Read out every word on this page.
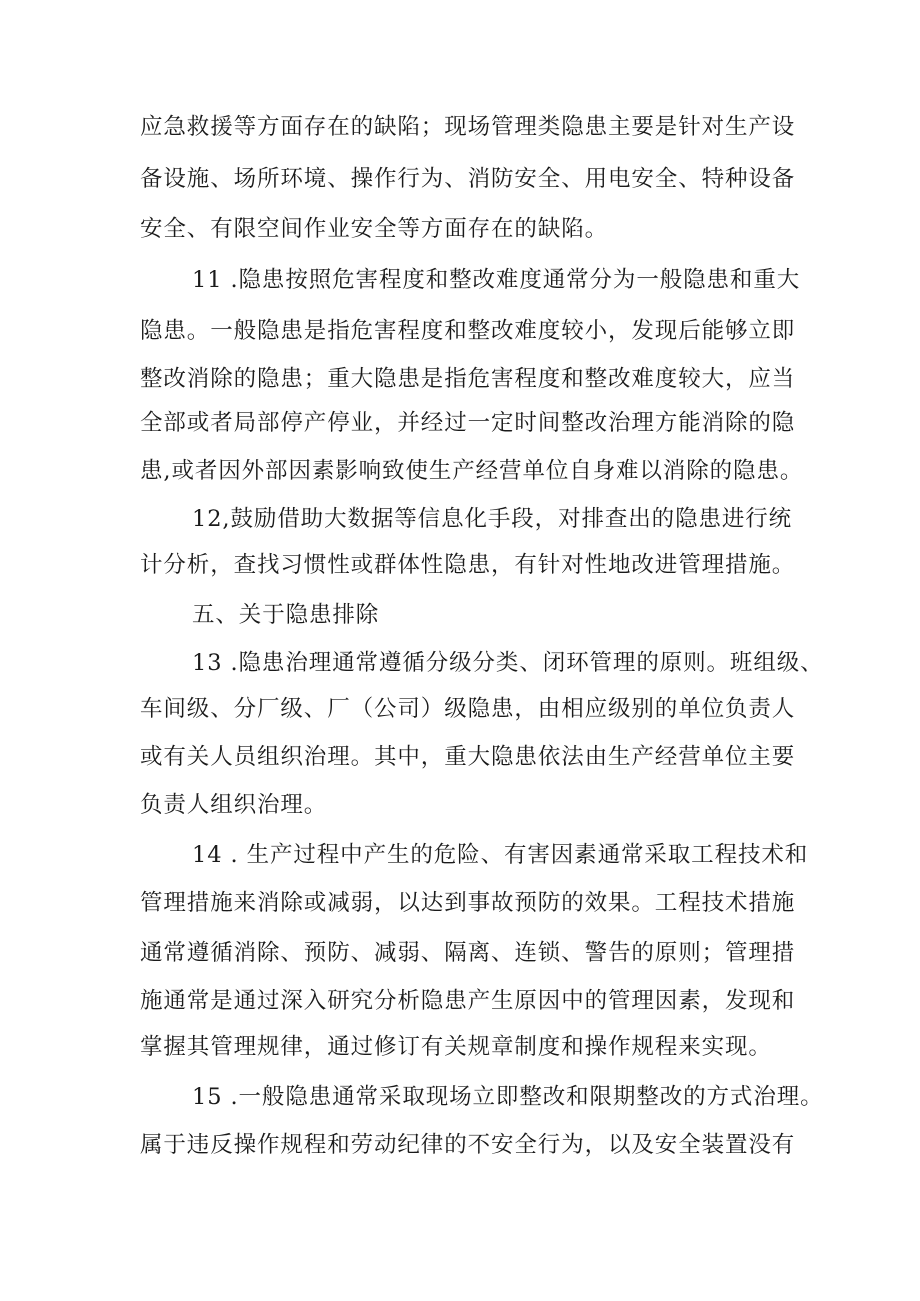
应急救援等方面存在的缺陷；现场管理类隐患主要是针对生产设
备设施、场所环境、操作行为、消防安全、用电安全、特种设备
安全、有限空间作业安全等方面存在的缺陷。
11 .隐患按照危害程度和整改难度通常分为一般隐患和重大
隐患。一般隐患是指危害程度和整改难度较小，发现后能够立即
整改消除的隐患；重大隐患是指危害程度和整改难度较大，应当
全部或者局部停产停业，并经过一定时间整改治理方能消除的隐
患,或者因外部因素影响致使生产经营单位自身难以消除的隐患。
12,鼓励借助大数据等信息化手段，对排查出的隐患进行统
计分析，查找习惯性或群体性隐患，有针对性地改进管理措施。
五、关于隐患排除
13 .隐患治理通常遵循分级分类、闭环管理的原则。班组级、
车间级、分厂级、厂（公司）级隐患，由相应级别的单位负责人
或有关人员组织治理。其中，重大隐患依法由生产经营单位主要
负责人组织治理。
14 . 生产过程中产生的危险、有害因素通常采取工程技术和
管理措施来消除或减弱，以达到事故预防的效果。工程技术措施
通常遵循消除、预防、减弱、隔离、连锁、警告的原则；管理措
施通常是通过深入研究分析隐患产生原因中的管理因素，发现和
掌握其管理规律，通过修订有关规章制度和操作规程来实现。
15 .一般隐患通常采取现场立即整改和限期整改的方式治理。
属于违反操作规程和劳动纪律的不安全行为，以及安全装置没有
